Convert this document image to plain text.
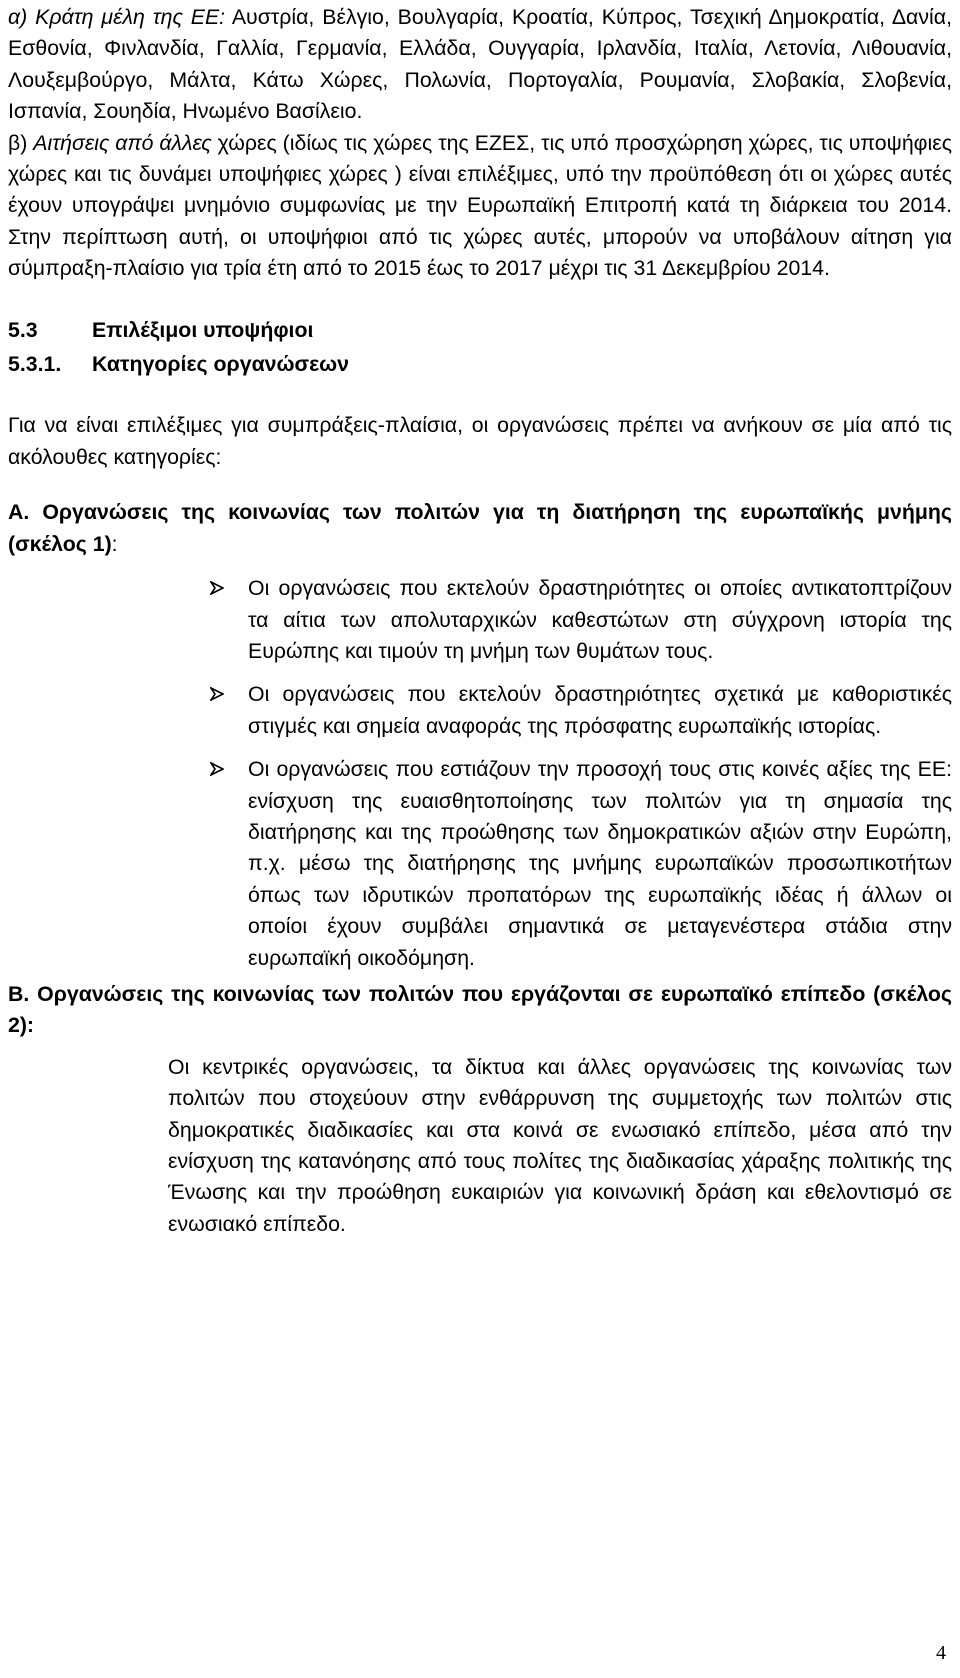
α) Κράτη μέλη της ΕΕ: Αυστρία, Βέλγιο, Βουλγαρία, Κροατία, Κύπρος, Τσεχική Δημοκρατία, Δανία, Εσθονία, Φινλανδία, Γαλλία, Γερμανία, Ελλάδα, Ουγγαρία, Ιρλανδία, Ιταλία, Λετονία, Λιθουανία, Λουξεμβούργο, Μάλτα, Κάτω Χώρες, Πολωνία, Πορτογαλία, Ρουμανία, Σλοβακία, Σλοβενία, Ισπανία, Σουηδία, Ηνωμένο Βασίλειο.

β) Αιτήσεις από άλλες χώρες (ιδίως τις χώρες της ΕΖΕΣ, τις υπό προσχώρηση χώρες, τις υποψήφιες χώρες και τις δυνάμει υποψήφιες χώρες ) είναι επιλέξιμες, υπό την προϋπόθεση ότι οι χώρες αυτές έχουν υπογράψει μνημόνιο συμφωνίας με την Ευρωπαϊκή Επιτροπή κατά τη διάρκεια του 2014. Στην περίπτωση αυτή, οι υποψήφιοι από τις χώρες αυτές, μπορούν να υποβάλουν αίτηση για σύμπραξη-πλαίσιο για τρία έτη από το 2015 έως το 2017 μέχρι τις 31 Δεκεμβρίου 2014.

5.3	Επιλέξιμοι υποψήφιοι
5.3.1.	Κατηγορίες οργανώσεων

Για να είναι επιλέξιμες για συμπράξεις-πλαίσια, οι οργανώσεις πρέπει να ανήκουν σε μία από τις ακόλουθες κατηγορίες:

Α. Οργανώσεις της κοινωνίας των πολιτών για τη διατήρηση της ευρωπαϊκής μνήμης (σκέλος 1):

Οι οργανώσεις που εκτελούν δραστηριότητες οι οποίες αντικατοπτρίζουν τα αίτια των απολυταρχικών καθεστώτων στη σύγχρονη ιστορία της Ευρώπης και τιμούν τη μνήμη των θυμάτων τους.
Οι οργανώσεις που εκτελούν δραστηριότητες σχετικά με καθοριστικές στιγμές και σημεία αναφοράς της πρόσφατης ευρωπαϊκής ιστορίας.
Οι οργανώσεις που εστιάζουν την προσοχή τους στις κοινές αξίες της ΕΕ: ενίσχυση της ευαισθητοποίησης των πολιτών για τη σημασία της διατήρησης και της προώθησης των δημοκρατικών αξιών στην Ευρώπη, π.χ. μέσω της διατήρησης της μνήμης ευρωπαϊκών προσωπικοτήτων όπως των ιδρυτικών προπατόρων της ευρωπαϊκής ιδέας ή άλλων οι οποίοι έχουν συμβάλει σημαντικά σε μεταγενέστερα στάδια στην ευρωπαϊκή οικοδόμηση.

Β. Οργανώσεις της κοινωνίας των πολιτών που εργάζονται σε ευρωπαϊκό επίπεδο (σκέλος 2):

Οι κεντρικές οργανώσεις, τα δίκτυα και άλλες οργανώσεις της κοινωνίας των πολιτών που στοχεύουν στην ενθάρρυνση της συμμετοχής των πολιτών στις δημοκρατικές διαδικασίες και στα κοινά σε ενωσιακό επίπεδο, μέσα από την ενίσχυση της κατανόησης από τους πολίτες της διαδικασίας χάραξης πολιτικής της Ένωσης και την προώθηση ευκαιριών για κοινωνική δράση και εθελοντισμό σε ενωσιακό επίπεδο.

4
